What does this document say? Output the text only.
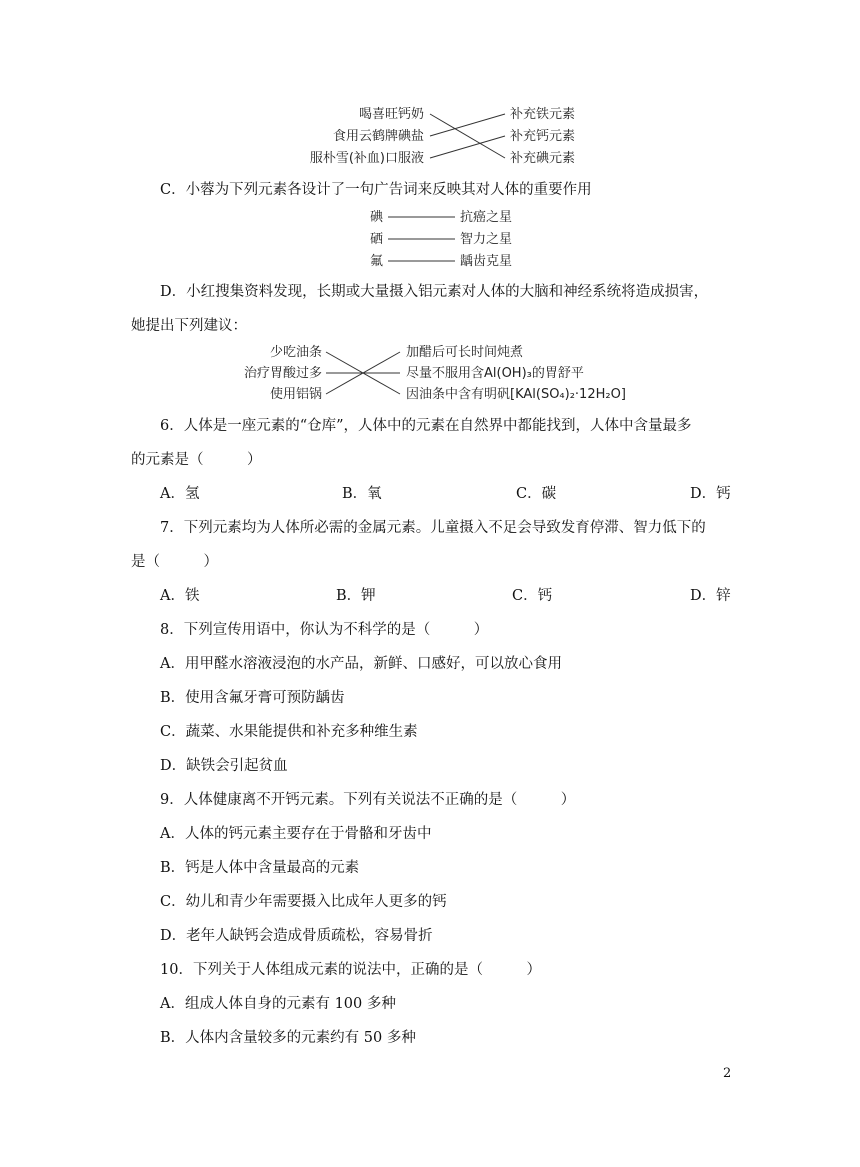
喝喜旺钙奶
食用云鹤牌碘盐
服朴雪(补血)口服液
补充铁元素
补充钙元素
补充碘元素
C．小蓉为下列元素各设计了一句广告词来反映其对人体的重要作用
碘
硒
氟
抗癌之星
智力之星
龋齿克星
D．小红搜集资料发现，长期或大量摄入铝元素对人体的大脑和神经系统将造成损害，
她提出下列建议：
少吃油条
治疗胃酸过多
使用铝锅
加醋后可长时间炖煮
尽量不服用含Al(OH)₃的胃舒平
因油条中含有明矾[KAl(SO₄)₂·12H₂O]
6．人体是一座元素的“仓库”，人体中的元素在自然界中都能找到，人体中含量最多
的元素是（　　　）
A．氢	B．氧	C．碳	D．钙
7．下列元素均为人体所必需的金属元素。儿童摄入不足会导致发育停滞、智力低下的
是（　　　）
A．铁	B．钾	C．钙	D．锌
8．下列宣传用语中，你认为不科学的是（　　　）
A．用甲醛水溶液浸泡的水产品，新鲜、口感好，可以放心食用
B．使用含氟牙膏可预防龋齿
C．蔬菜、水果能提供和补充多种维生素
D．缺铁会引起贫血
9．人体健康离不开钙元素。下列有关说法不正确的是（　　　）
A．人体的钙元素主要存在于骨骼和牙齿中
B．钙是人体中含量最高的元素
C．幼儿和青少年需要摄入比成年人更多的钙
D．老年人缺钙会造成骨质疏松，容易骨折
10．下列关于人体组成元素的说法中，正确的是（　　　）
A．组成人体自身的元素有 100 多种
B．人体内含量较多的元素约有 50 多种
2
